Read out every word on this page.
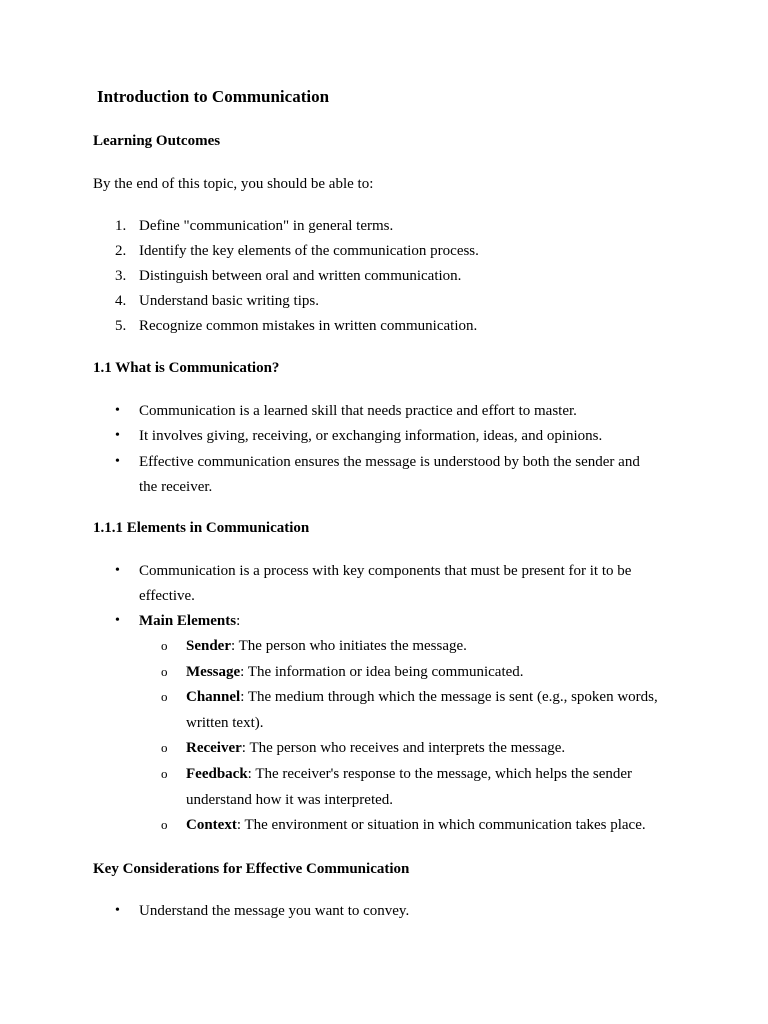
Introduction to Communication
Learning Outcomes
By the end of this topic, you should be able to:
1. Define "communication" in general terms.
2. Identify the key elements of the communication process.
3. Distinguish between oral and written communication.
4. Understand basic writing tips.
5. Recognize common mistakes in written communication.
1.1 What is Communication?
• Communication is a learned skill that needs practice and effort to master.
• It involves giving, receiving, or exchanging information, ideas, and opinions.
• Effective communication ensures the message is understood by both the sender and
the receiver.
1.1.1 Elements in Communication
• Communication is a process with key components that must be present for it to be
effective.
• Main Elements:
o Sender: The person who initiates the message.
o Message: The information or idea being communicated.
o Channel: The medium through which the message is sent (e.g., spoken words,
written text).
o Receiver: The person who receives and interprets the message.
o Feedback: The receiver's response to the message, which helps the sender
understand how it was interpreted.
o Context: The environment or situation in which communication takes place.
Key Considerations for Effective Communication
• Understand the message you want to convey.
